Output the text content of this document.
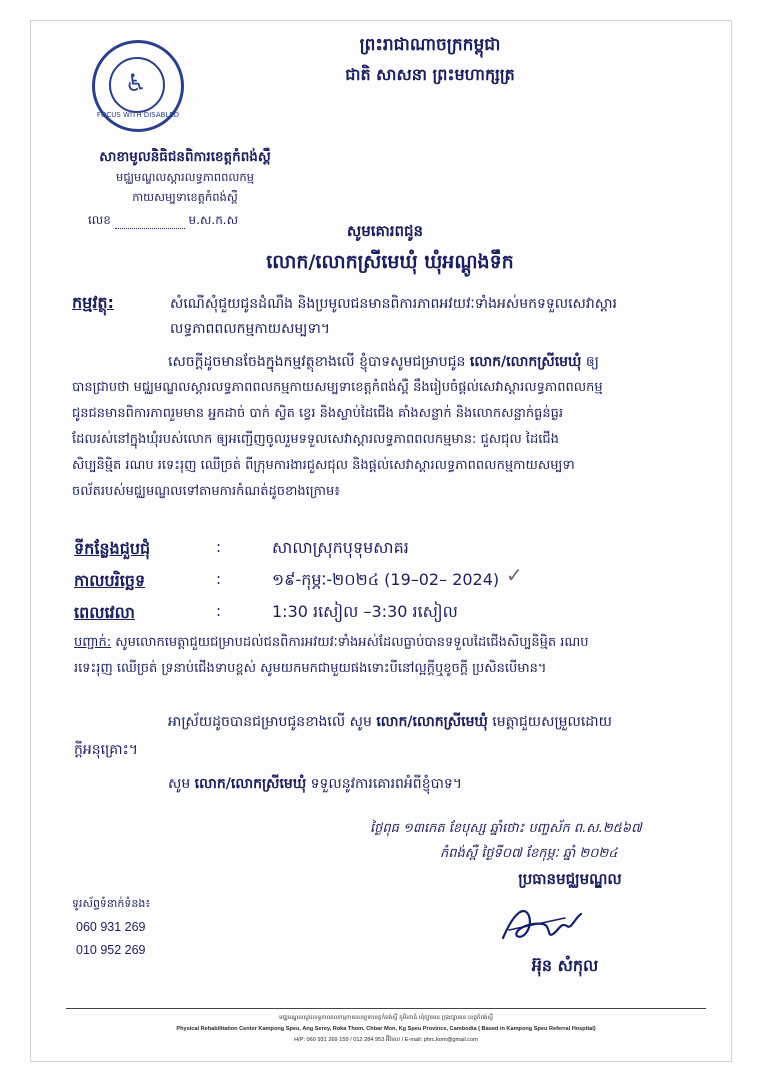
ព្រះរាជាណាចក្រកម្ពុជា
ជាតិ សាសនា ព្រះមហាក្សត្រ
♿
FOCUS WITH DISABLED
សាខាមូលនិធិជនពិការខេត្តកំពង់ស្ពឺ
មជ្ឈមណ្ឌលស្តារលទ្ធភាពពលកម្ម
កាយសម្បទាខេត្តកំពង់ស្ពឺ
លេខ	ម.ស.ក.ស
សូមគោរពជូន
លោក/លោកស្រីមេឃុំ ឃុំអណ្តូងទឹក
កម្មវត្ថុ:	សំណើសុំជួយជូនដំណឹង និងប្រមូលជនមានពិការភាពអវយវៈទាំងអស់មកទទួលសេវាស្តារ
លទ្ធភាពពលកម្មកាយសម្បទា។
សេចក្តីដូចមានចែងក្នុងកម្មវត្ថុខាងលើ ខ្ញុំបាទសូមជម្រាបជូន លោក/លោកស្រីមេឃុំ ឲ្យ
បានជ្រាបថា មជ្ឈមណ្ឌលស្តារលទ្ធភាពពលកម្មកាយសម្បទាខេត្តកំពង់ស្ពឺ នឹងរៀបចំផ្តល់សេវាស្តារលទ្ធភាពពលកម្ម
ជូនជនមានពិការភាពរួមមាន អ្នកដាច់ បាក់ ស្វិត ខ្វេរ និងស្លាប់ដៃជើង គាំងសន្លាក់ និងលោកសន្លាក់ធ្ងន់ធ្ងរ
ដែលរស់នៅក្នុងឃុំរបស់លោក ឲ្យអញ្ជើញចូលរួមទទួលសេវាស្តារលទ្ធភាពពលកម្មមាន: ជួសជុល ដៃជើង
សិប្បនិម្មិត រណប រទេះរុញ ឈើច្រត់ ពីក្រុមការងារជួសជុល និងផ្តល់សេវាស្តារលទ្ធភាពពលកម្មកាយសម្បទា
ចល័តរបស់មជ្ឈមណ្ឌលទៅតាមការកំណត់ដូចខាងក្រោម៖
ទីកន្លែងជួបជុំ	:	សាលាស្រុកបុទុមសាគរ
កាលបរិច្ឆេទ	:	១៩-កុម្ភៈ-២០២៤ (19–02– 2024) ✓
ពេលវេលា	:	1:30 រសៀល –3:30 រសៀល
បញ្ជាក់: សូមលោកមេត្តាជួយជម្រាបដល់ជនពិការអវយវៈទាំងអស់ដែលធ្លាប់បានទទួលដៃជើងសិប្បនិម្មិត រណប
រទេះរុញ ឈើច្រត់ ទ្រនាប់ជើងទាបខ្ពស់ សូមយកមកជាមួយផងទោះបីនៅល្អក្តីឬខូចក្តី ប្រសិនបើមាន។
អាស្រ័យដូចបានជម្រាបជូនខាងលើ សូម លោក/លោកស្រីមេឃុំ មេត្តាជួយសម្រួលដោយ
ក្តីអនុគ្រោះ។
សូម លោក/លោកស្រីមេឃុំ ទទួលនូវការគោរពអំពីខ្ញុំបាទ។
ថ្ងៃពុធ ១៣កេត ខែបុស្ស ឆ្នាំថោះ បញ្ចស័ក ព.ស.២៥៦៧
កំពង់ស្ពឺ ថ្ងៃទី០៧ ខែកុម្ភៈ ឆ្នាំ ២០២៤
ប្រធានមជ្ឈមណ្ឌល
អ៊ុន សំកុល
ទូរស័ព្ទទំនាក់ទំនង៖
060 931 269
010 952 269
មជ្ឈមណ្ឌលស្តារលទ្ធភាពពលកម្មកាយសម្បទាខេត្តកំពង់ស្ពឺ ភូមិរកាធំ ឃុំច្បារមន ក្រុងច្បារមន ខេត្តកំពង់ស្ពឺ
Physical Rehabilitation Center Kampong Speu, Ang Serey, Roka Thom, Chbar Mon, Kg Speu Province, Cambodia ( Based in Kampong Speu Referral Hospital)
H/P: 060 931 269 159 / 012 284 953 អ៊ីមែល / E-mail: phrc.kom@gmail.com
